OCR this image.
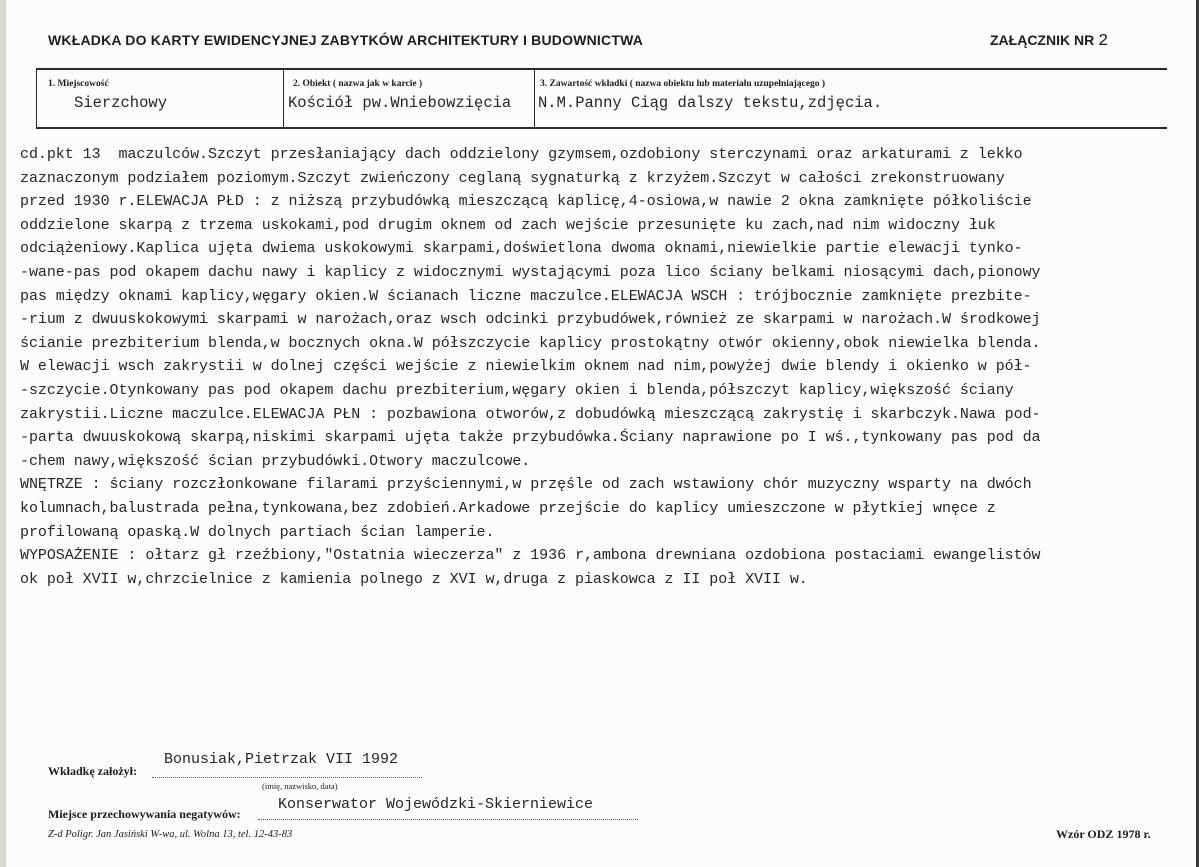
WKŁADKA DO KARTY EWIDENCYJNEJ ZABYTKÓW ARCHITEKTURY I BUDOWNICTWA	ZAŁĄCZNIK NR 2
1. Miejscowość
Sierzchowy
2. Obiekt ( nazwa jak w karcie )
Kościół pw.Wniebowzięcia
3. Zawartość wkładki ( nazwa obiektu lub materiału uzupełniającego )
N.M.Panny Ciąg dalszy tekstu,zdjęcia.
cd.pkt 13  maczulców.Szczyt przesłaniający dach oddzielony gzymsem,ozdobiony sterczynami oraz arkaturami z lekko
zaznaczonym podziałem poziomym.Szczyt zwieńczony ceglaną sygnaturką z krzyżem.Szczyt w całości zrekonstruowany
przed 1930 r.ELEWACJA PŁD : z niższą przybudówką mieszczącą kaplicę,4-osiowa,w nawie 2 okna zamknięte półkoliście
oddzielone skarpą z trzema uskokami,pod drugim oknem od zach wejście przesunięte ku zach,nad nim widoczny łuk
odciążeniowy.Kaplica ujęta dwiema uskokowymi skarpami,doświetlona dwoma oknami,niewielkie partie elewacji tynko-
-wane-pas pod okapem dachu nawy i kaplicy z widocznymi wystającymi poza lico ściany belkami niosącymi dach,pionowy
pas między oknami kaplicy,węgary okien.W ścianach liczne maczulce.ELEWACJA WSCH : trójbocznie zamknięte prezbite-
-rium z dwuuskokowymi skarpami w narożach,oraz wsch odcinki przybudówek,również ze skarpami w narożach.W środkowej
ścianie prezbiterium blenda,w bocznych okna.W półszczycie kaplicy prostokątny otwór okienny,obok niewielka blenda.
W elewacji wsch zakrystii w dolnej części wejście z niewielkim oknem nad nim,powyżej dwie blendy i okienko w pół-
-szczycie.Otynkowany pas pod okapem dachu prezbiterium,węgary okien i blenda,półszczyt kaplicy,większość ściany
zakrystii.Liczne maczulce.ELEWACJA PŁN : pozbawiona otworów,z dobudówką mieszczącą zakrystię i skarbczyk.Nawa pod-
-parta dwuuskokową skarpą,niskimi skarpami ujęta także przybudówka.Ściany naprawione po I wś.,tynkowany pas pod da
-chem nawy,większość ścian przybudówki.Otwory maczulcowe.
WNĘTRZE : ściany rozczłonkowane filarami przyściennymi,w przęśle od zach wstawiony chór muzyczny wsparty na dwóch
kolumnach,balustrada pełna,tynkowana,bez zdobień.Arkadowe przejście do kaplicy umieszczone w płytkiej wnęce z
profilowaną opaską.W dolnych partiach ścian lamperie.
WYPOSAŻENIE : ołtarz gł rzeźbiony,"Ostatnia wieczerza" z 1936 r,ambona drewniana ozdobiona postaciami ewangelistów
ok poł XVII w,chrzcielnice z kamienia polnego z XVI w,druga z piaskowca z II poł XVII w.
Wkładkę założył:
Bonusiak,Pietrzak VII 1992
(imię, nazwisko, data)
Miejsce przechowywania negatywów:
Konserwator Wojewódzki-Skierniewice
Z-d Poligr. Jan Jasiński W-wa, ul. Wolna 13, tel. 12-43-83	Wzór ODZ 1978 r.
